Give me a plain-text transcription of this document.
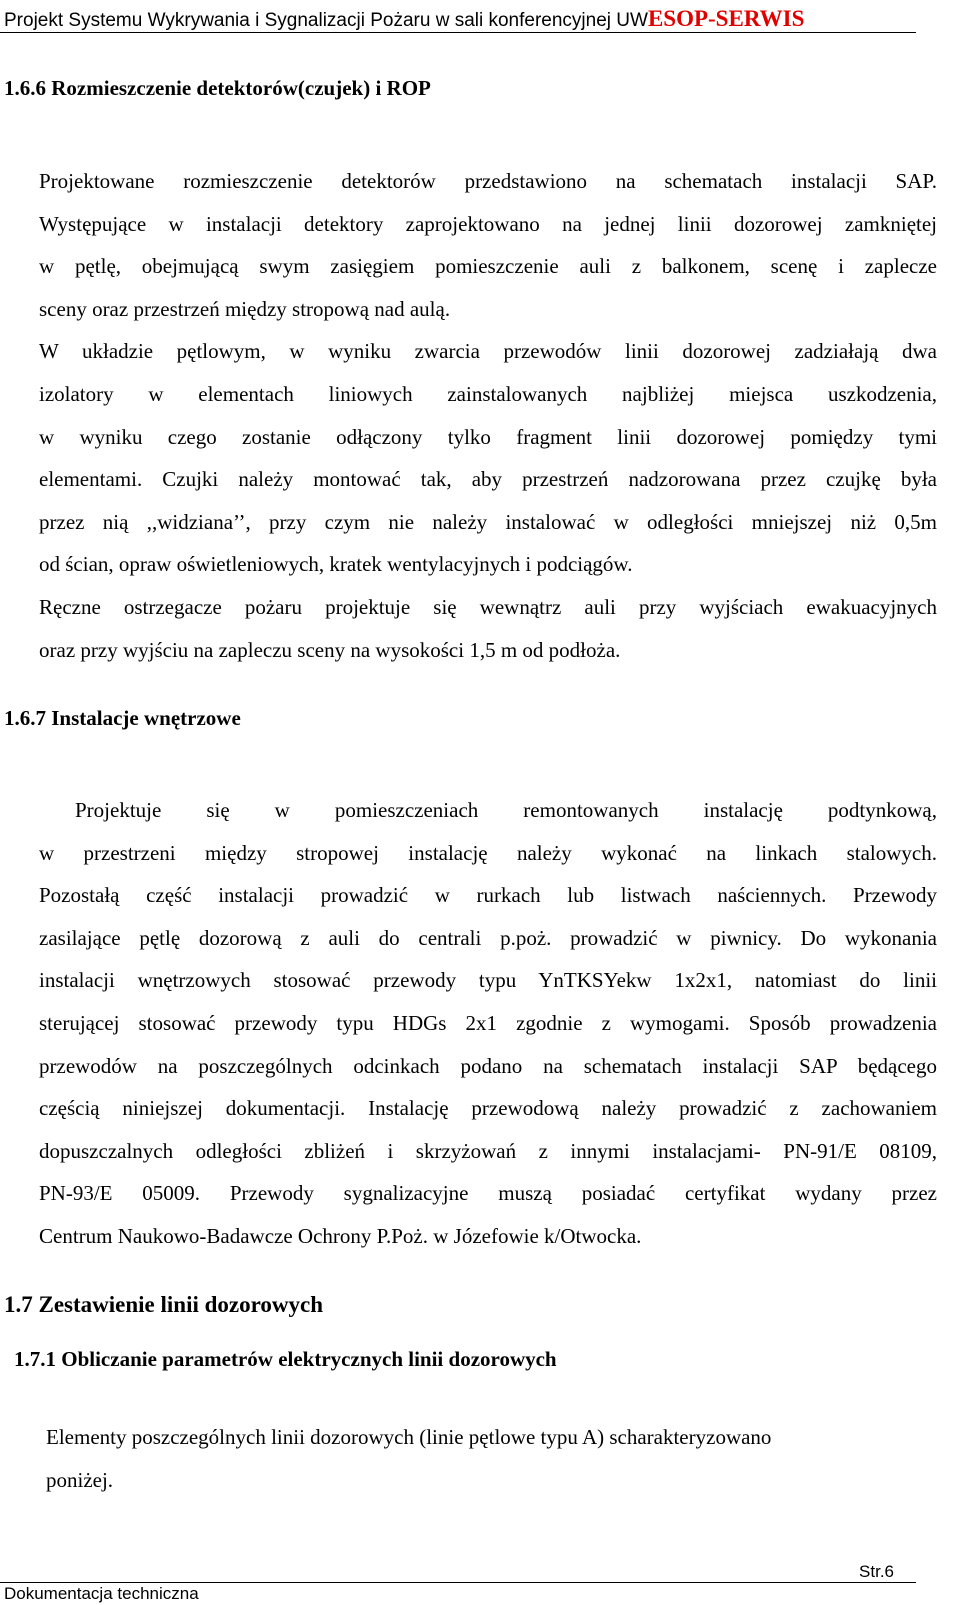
Projekt Systemu Wykrywania i Sygnalizacji Pożaru w sali konferencyjnej UWESOP-SERWIS
1.6.6 Rozmieszczenie detektorów(czujek) i ROP
Projektowane rozmieszczenie detektorów przedstawiono na schematach instalacji SAP.
Występujące w instalacji detektory zaprojektowano na jednej linii dozorowej zamkniętej
w pętlę, obejmującą swym zasięgiem pomieszczenie auli z balkonem, scenę i zaplecze
sceny oraz przestrzeń między stropową nad aulą.
W układzie pętlowym, w wyniku zwarcia przewodów linii dozorowej zadziałają dwa
izolatory w elementach liniowych zainstalowanych najbliżej miejsca uszkodzenia,
w wyniku czego zostanie odłączony tylko fragment linii dozorowej pomiędzy tymi
elementami. Czujki należy montować tak, aby przestrzeń nadzorowana przez czujkę była
przez nią ,,widziana’’, przy czym nie należy instalować w odległości mniejszej niż 0,5m
od ścian, opraw oświetleniowych, kratek wentylacyjnych i podciągów.
Ręczne ostrzegacze pożaru projektuje się wewnątrz auli przy wyjściach ewakuacyjnych
oraz przy wyjściu na zapleczu sceny na wysokości 1,5 m od podłoża.
1.6.7 Instalacje wnętrzowe
Projektuje się w pomieszczeniach remontowanych instalację podtynkową,
w przestrzeni między stropowej instalację należy wykonać na linkach stalowych.
Pozostałą część instalacji prowadzić w rurkach lub listwach naściennych. Przewody
zasilające pętlę dozorową z auli do centrali p.poż. prowadzić w piwnicy. Do wykonania
instalacji wnętrzowych stosować przewody typu YnTKSYekw 1x2x1, natomiast do linii
sterującej stosować przewody typu HDGs 2x1 zgodnie z wymogami. Sposób prowadzenia
przewodów na poszczególnych odcinkach podano na schematach instalacji SAP będącego
częścią niniejszej dokumentacji. Instalację przewodową należy prowadzić z zachowaniem
dopuszczalnych odległości zbliżeń i skrzyżowań z innymi instalacjami- PN-91/E 08109,
PN-93/E 05009. Przewody sygnalizacyjne muszą posiadać certyfikat wydany przez
Centrum Naukowo-Badawcze Ochrony P.Poż. w Józefowie k/Otwocka.
1.7 Zestawienie linii dozorowych
1.7.1 Obliczanie parametrów elektrycznych linii dozorowych
Elementy poszczególnych linii dozorowych (linie pętlowe typu A) scharakteryzowano
poniżej.
Str.6
Dokumentacja techniczna
